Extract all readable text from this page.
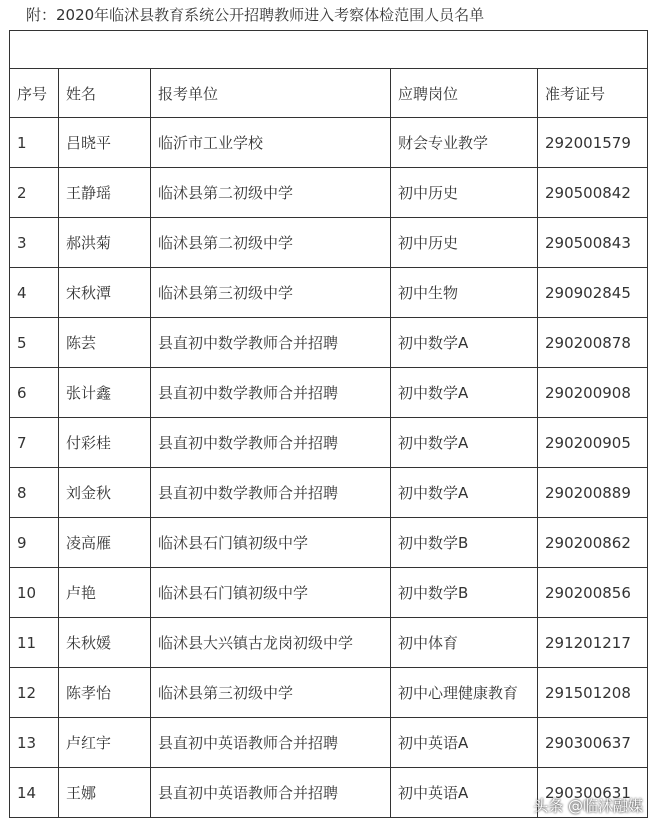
附：2020年临沭县教育系统公开招聘教师进入考察体检范围人员名单

序号	姓名	报考单位	应聘岗位	准考证号
1	吕晓平	临沂市工业学校	财会专业教学	292001579
2	王静瑶	临沭县第二初级中学	初中历史	290500842
3	郝洪菊	临沭县第二初级中学	初中历史	290500843
4	宋秋潭	临沭县第三初级中学	初中生物	290902845
5	陈芸	县直初中数学教师合并招聘	初中数学A	290200878
6	张计鑫	县直初中数学教师合并招聘	初中数学A	290200908
7	付彩桂	县直初中数学教师合并招聘	初中数学A	290200905
8	刘金秋	县直初中数学教师合并招聘	初中数学A	290200889
9	凌高雁	临沭县石门镇初级中学	初中数学B	290200862
10	卢艳	临沭县石门镇初级中学	初中数学B	290200856
11	朱秋媛	临沭县大兴镇古龙岗初级中学	初中体育	291201217
12	陈孝怡	临沭县第三初级中学	初中心理健康教育	291501208
13	卢红宇	县直初中英语教师合并招聘	初中英语A	290300637
14	王娜	县直初中英语教师合并招聘	初中英语A	290300631
头条 @临沭融媒
